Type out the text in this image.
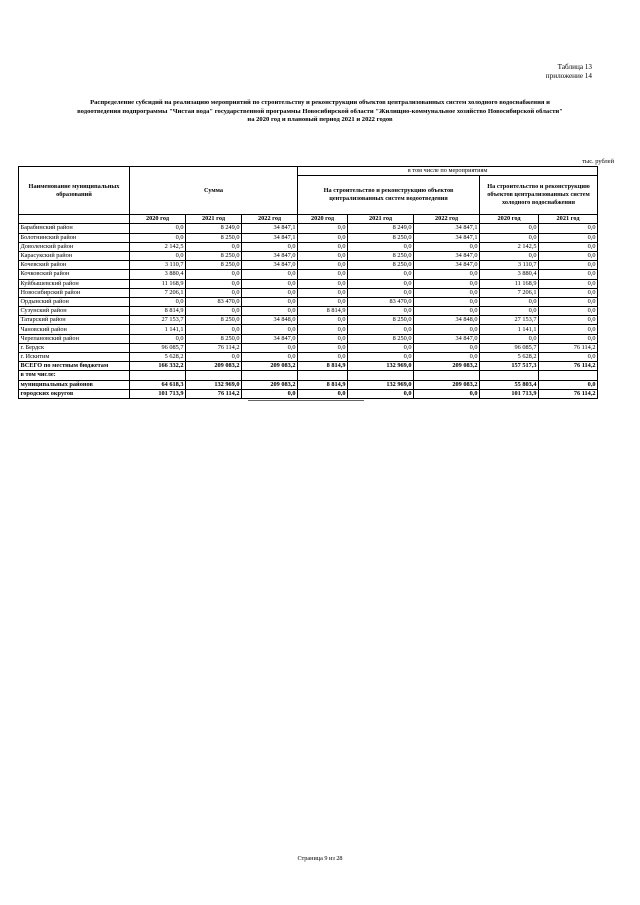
Таблица 13
приложение 14
Распределение субсидий на реализацию мероприятий по строительству и реконструкции объектов централизованных систем холодного водоснабжения и
водоотведения подпрограммы "Чистая вода" государственной программы Новосибирской области "Жилищно-коммунальное хозяйство Новосибирской области"
на 2020 год и плановый период 2021 и 2022 годов
тыс. рублей
Наименование муниципальных образований	Сумма			в том числе по мероприятиям				
				На строительство и реконструкцию объектов централизованных систем водоотведения			На строительство и реконструкцию объектов централизованных систем холодного водоснабжения	

	2020 год	2021 год	2022 год	2020 год	2021 год	2022 год	2020 год	2021 год
Барабинский район	0,0	8 249,0	34 847,1	0,0	8 249,0	34 847,1	0,0	0,0
Болотнинский район	0,0	8 250,0	34 847,1	0,0	8 250,0	34 847,1	0,0	0,0
Доволенский район	2 142,5	0,0	0,0	0,0	0,0	0,0	2 142,5	0,0
Карасукский район	0,0	8 250,0	34 847,0	0,0	8 250,0	34 847,0	0,0	0,0
Кочевский район	3 110,7	8 250,0	34 847,0	0,0	8 250,0	34 847,0	3 110,7	0,0
Кочковский район	3 880,4	0,0	0,0	0,0	0,0	0,0	3 880,4	0,0
Куйбышевский район	11 168,9	0,0	0,0	0,0	0,0	0,0	11 168,9	0,0
Новосибирский район	7 206,1	0,0	0,0	0,0	0,0	0,0	7 206,1	0,0
Ордынский район	0,0	83 470,0	0,0	0,0	83 470,0	0,0	0,0	0,0
Сузунский район	8 814,9	0,0	0,0	8 814,9	0,0	0,0	0,0	0,0
Татарский район	27 153,7	8 250,0	34 848,0	0,0	8 250,0	34 848,0	27 153,7	0,0
Чановский район	1 141,1	0,0	0,0	0,0	0,0	0,0	1 141,1	0,0
Черепановский район	0,0	8 250,0	34 847,0	0,0	8 250,0	34 847,0	0,0	0,0
г. Бердск	96 085,7	76 114,2	0,0	0,0	0,0	0,0	96 085,7	76 114,2
г. Искитим	5 628,2	0,0	0,0	0,0	0,0	0,0	5 628,2	0,0
ВСЕГО по местным бюджетам	166 332,2	209 083,2	209 083,2	8 814,9	132 969,0	209 083,2	157 517,3	76 114,2
в том числе:								
муниципальных районов	64 618,3	132 969,0	209 083,2	8 814,9	132 969,0	209 083,2	55 803,4	0,0
городских округов	101 713,9	76 114,2	0,0	0,0	0,0	0,0	101 713,9	76 114,2
Страница 9 из 28
